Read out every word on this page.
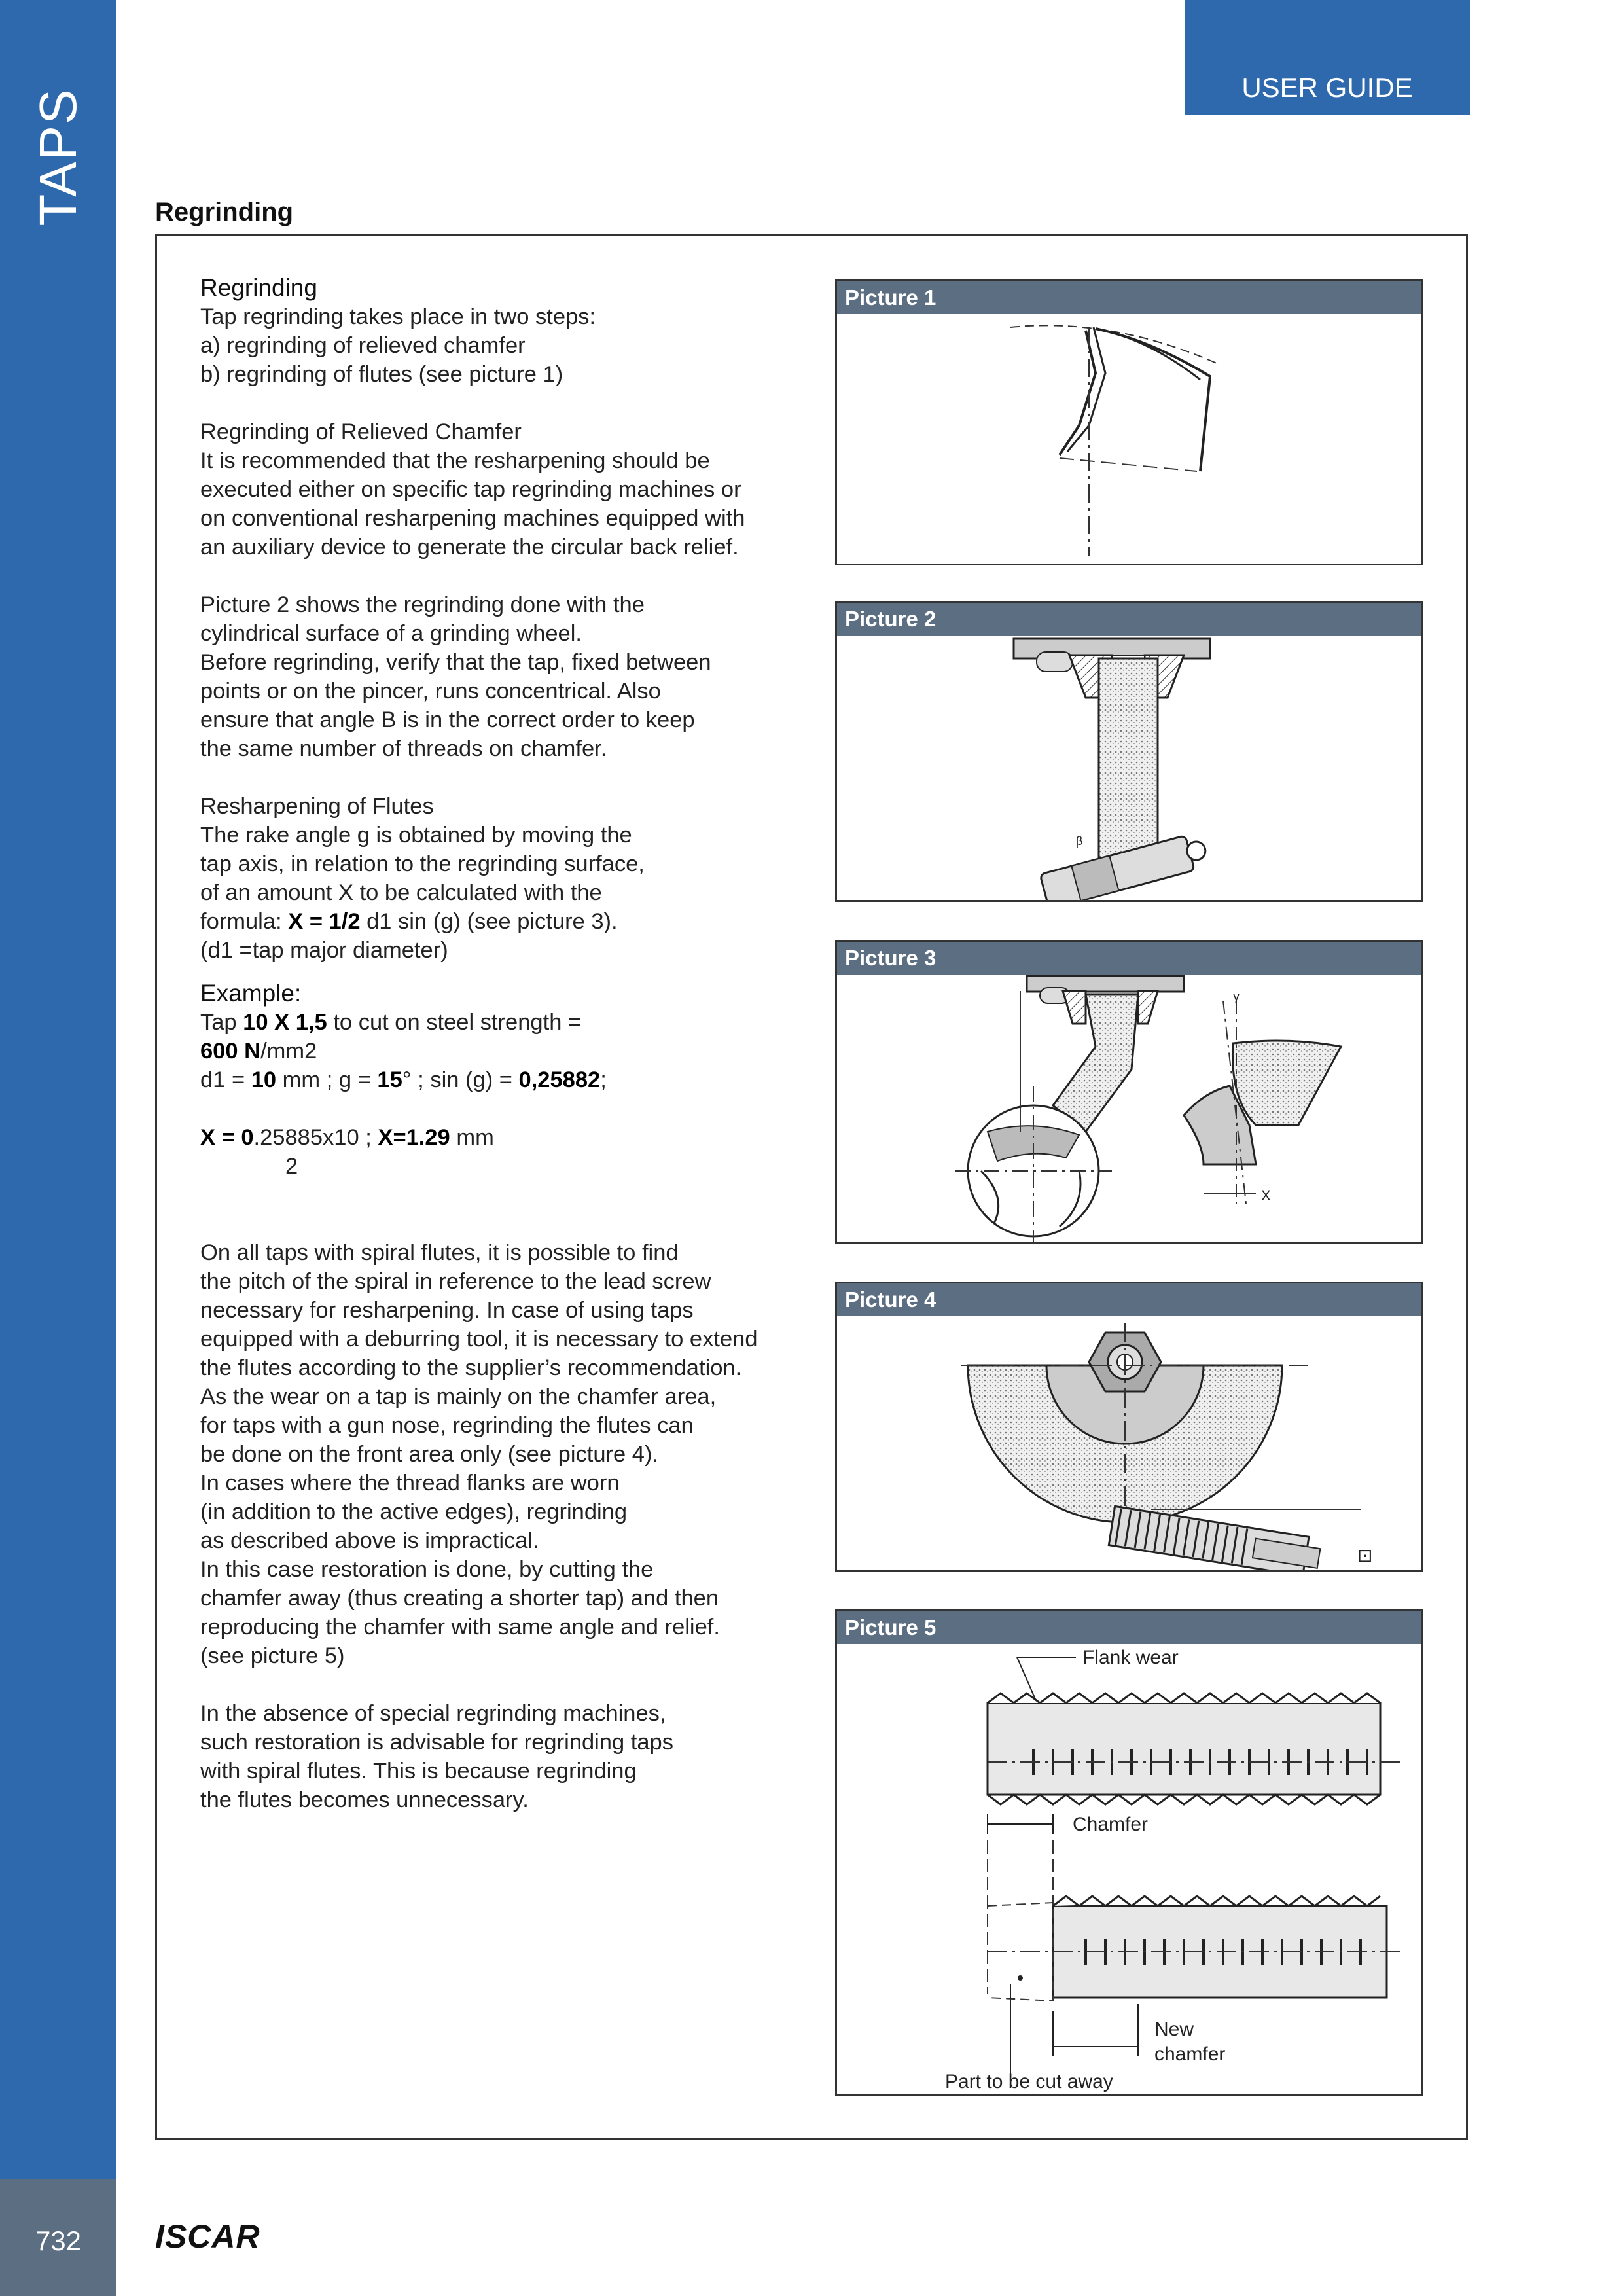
TAPS
732
USER GUIDE
Regrinding

Regrinding

Tap regrinding takes place in two steps:
a) regrinding of relieved chamfer
b) regrinding of flutes (see picture 1)

Regrinding of Relieved Chamfer

It is recommended that the resharpening should be
executed either on specific tap regrinding machines or
on conventional resharpening machines equipped with
an auxiliary device to generate the circular back relief.

Picture 2 shows the regrinding done with the
cylindrical surface of a grinding wheel.
Before regrinding, verify that the tap, fixed between
points or on the pincer, runs concentrical. Also
ensure that angle B is in the correct order to keep
the same number of threads on chamfer.

Resharpening of Flutes

The rake angle g is obtained by moving the
tap axis, in relation to the regrinding surface,
of an amount X to be calculated with the

formula: X = 1/2 d1 sin (g) (see picture 3).

(d1 =tap major diameter)

Example:

Tap 10 X 1,5 to cut on steel strength =

600 N/mm2

d1 = 10 mm ; g = 15° ; sin (g) = 0,25882;

X = 0.25885x10 ; X=1.29 mm

2

On all taps with spiral flutes, it is possible to find
the pitch of the spiral in reference to the lead screw
necessary for resharpening. In case of using taps
equipped with a deburring tool, it is necessary to extend
the flutes according to the supplier’s recommendation.
As the wear on a tap is mainly on the chamfer area,
for taps with a gun nose, regrinding the flutes can
be done on the front area only (see picture 4).
In cases where the thread flanks are worn
(in addition to the active edges), regrinding
as described above is impractical.
In this case restoration is done, by cutting the
chamfer away (thus creating a shorter tap) and then
reproducing the chamfer with same angle and relief.
(see picture 5)

In the absence of special regrinding machines,
such restoration is advisable for regrinding taps
with spiral flutes. This is because regrinding
the flutes becomes unnecessary.

Picture 1
Picture 2
β
Picture 3
γ
X
Picture 4
⊡
Picture 5
Flank wear
Chamfer
New
chamfer
Part to be cut away
ISCAR
